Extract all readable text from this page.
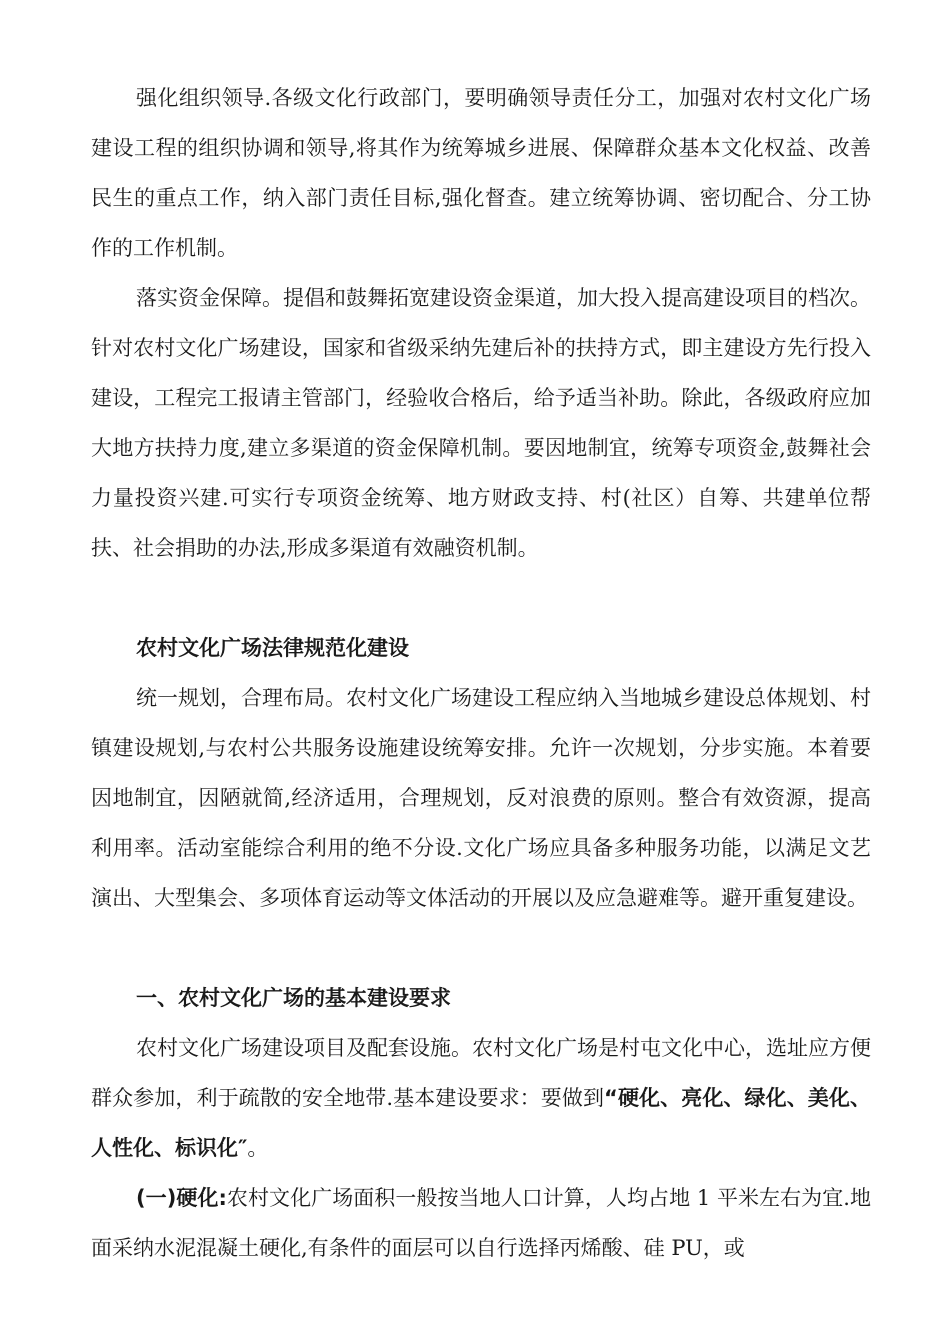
强化组织领导.各级文化行政部门，要明确领导责任分工，加强对农村文化广场建设工程的组织协调和领导,将其作为统筹城乡进展、保障群众基本文化权益、改善民生的重点工作，纳入部门责任目标,强化督查。建立统筹协调、密切配合、分工协作的工作机制。

落实资金保障。提倡和鼓舞拓宽建设资金渠道，加大投入提高建设项目的档次。针对农村文化广场建设，国家和省级采纳先建后补的扶持方式，即主建设方先行投入建设，工程完工报请主管部门，经验收合格后，给予适当补助。除此，各级政府应加大地方扶持力度,建立多渠道的资金保障机制。要因地制宜，统筹专项资金,鼓舞社会力量投资兴建.可实行专项资金统筹、地方财政支持、村(社区）自筹、共建单位帮扶、社会捐助的办法,形成多渠道有效融资机制。

农村文化广场法律规范化建设

统一规划，合理布局。农村文化广场建设工程应纳入当地城乡建设总体规划、村镇建设规划,与农村公共服务设施建设统筹安排。允许一次规划，分步实施。本着要因地制宜，因陋就简,经济适用，合理规划，反对浪费的原则。整合有效资源，提高利用率。活动室能综合利用的绝不分设.文化广场应具备多种服务功能，以满足文艺演出、大型集会、多项体育运动等文体活动的开展以及应急避难等。避开重复建设。

一、农村文化广场的基本建设要求

农村文化广场建设项目及配套设施。农村文化广场是村屯文化中心，选址应方便群众参加，利于疏散的安全地带.基本建设要求：要做到“硬化、亮化、绿化、美化、人性化、标识化″。

(一)硬化:农村文化广场面积一般按当地人口计算，人均占地 1 平米左右为宜.地面采纳水泥混凝土硬化,有条件的面层可以自行选择丙烯酸、硅 PU，或
